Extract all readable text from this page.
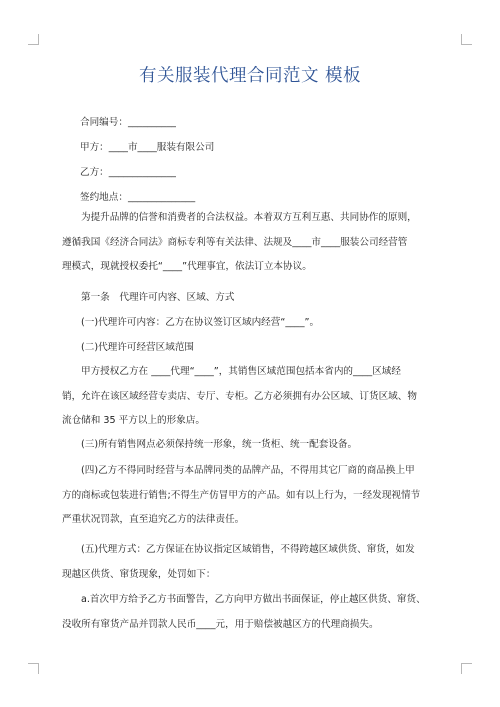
有关服装代理合同范文 模板
合同编号：__________
甲方：____市____服装有限公司
乙方：______________
签约地点：______________
为提升品牌的信誉和消费者的合法权益。本着双方互利互惠、共同协作的原则，
遵循我国《经济合同法》商标专利等有关法律、法规及____市____服装公司经营管
理模式，现就授权委托“____”代理事宜，依法订立本协议。
第一条　代理许可内容、区域、方式
(一)代理许可内容：乙方在协议签订区域内经营“____”。
(二)代理许可经营区域范围
甲方授权乙方在 ____代理“____”，其销售区域范围包括本省内的____区域经
销，允许在该区域经营专卖店、专厅、专柜。乙方必须拥有办公区域、订货区域、物
流仓储和 35 平方以上的形象店。
(三)所有销售网点必须保持统一形象，统一货柜、统一配套设备。
(四)乙方不得同时经营与本品牌同类的品牌产品，不得用其它厂商的商品换上甲
方的商标或包装进行销售;不得生产仿冒甲方的产品。如有以上行为，一经发现视情节
严重状况罚款，直至追究乙方的法律责任。
(五)代理方式：乙方保证在协议指定区域销售，不得跨越区域供货、窜货，如发
现越区供货、窜货现象，处罚如下：
a.首次甲方给予乙方书面警告，乙方向甲方做出书面保证，停止越区供货、窜货、
没收所有窜货产品并罚款人民币____元，用于赔偿被越区方的代理商损失。
